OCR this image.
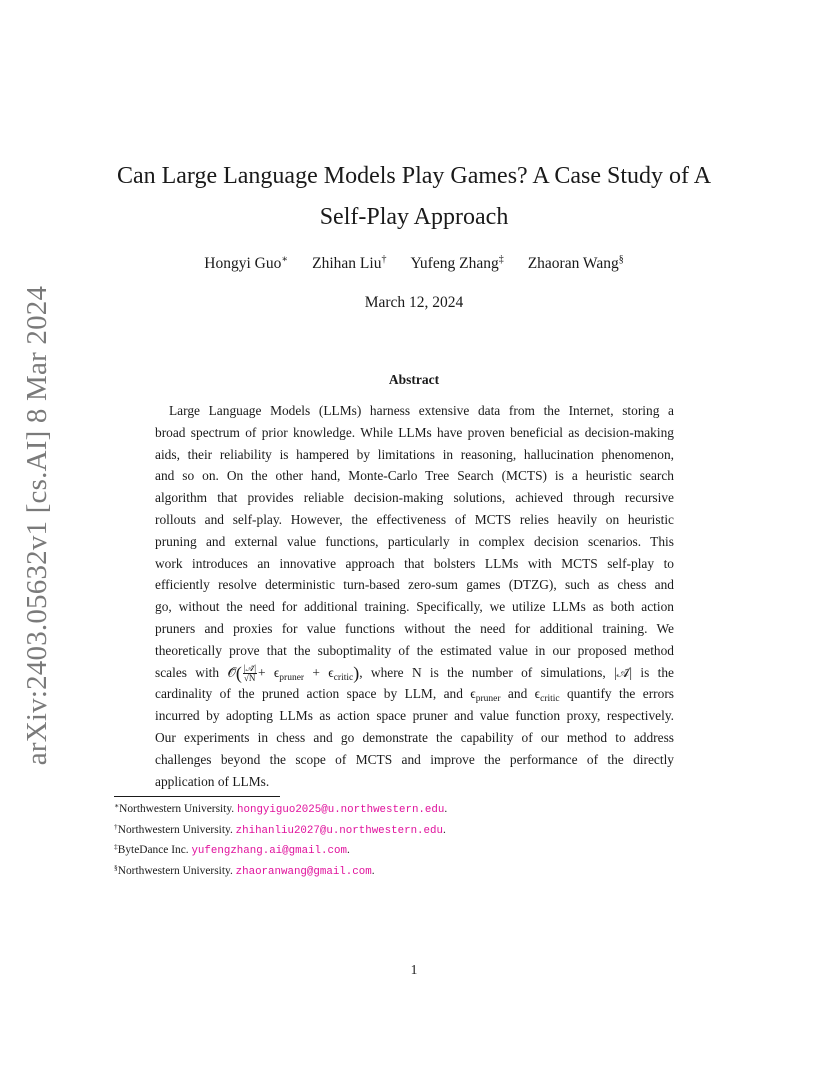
arXiv:2403.05632v1 [cs.AI] 8 Mar 2024
Can Large Language Models Play Games? A Case Study of A
Self-Play Approach
Hongyi Guo∗ Zhihan Liu† Yufeng Zhang‡ Zhaoran Wang§
March 12, 2024
Abstract
Large Language Models (LLMs) harness extensive data from the Internet, storing a
broad spectrum of prior knowledge. While LLMs have proven beneficial as decision-making
aids, their reliability is hampered by limitations in reasoning, hallucination phenomenon,
and so on. On the other hand, Monte-Carlo Tree Search (MCTS) is a heuristic search
algorithm that provides reliable decision-making solutions, achieved through recursive
rollouts and self-play. However, the effectiveness of MCTS relies heavily on heuristic
pruning and external value functions, particularly in complex decision scenarios. This
work introduces an innovative approach that bolsters LLMs with MCTS self-play to
efficiently resolve deterministic turn-based zero-sum games (DTZG), such as chess and
go, without the need for additional training. Specifically, we utilize LLMs as both action
pruners and proxies for value functions without the need for additional training. We
theoretically prove that the suboptimality of the estimated value in our proposed method
scales with 𝒪̃( $\frac{\text{|𝒜̃|}}{√N} + \epsilon_{pruner} + \epsilon_{critic}$), where N is the number of simulations, |𝒜̃| is the
cardinality of the pruned action space by LLM, and $\epsilon_{pruner}$ and $\epsilon_{critic}$ quantify the errors
incurred by adopting LLMs as action space pruner and value function proxy, respectively.
Our experiments in chess and go demonstrate the capability of our method to address
challenges beyond the scope of MCTS and improve the performance of the directly
application of LLMs.
∗Northwestern University. hongyiguo2025@u.northwestern.edu.
†Northwestern University. zhihanliu2027@u.northwestern.edu.
‡ByteDance Inc. yufengzhang.ai@gmail.com.
§Northwestern University. zhaoranwang@gmail.com.
1
